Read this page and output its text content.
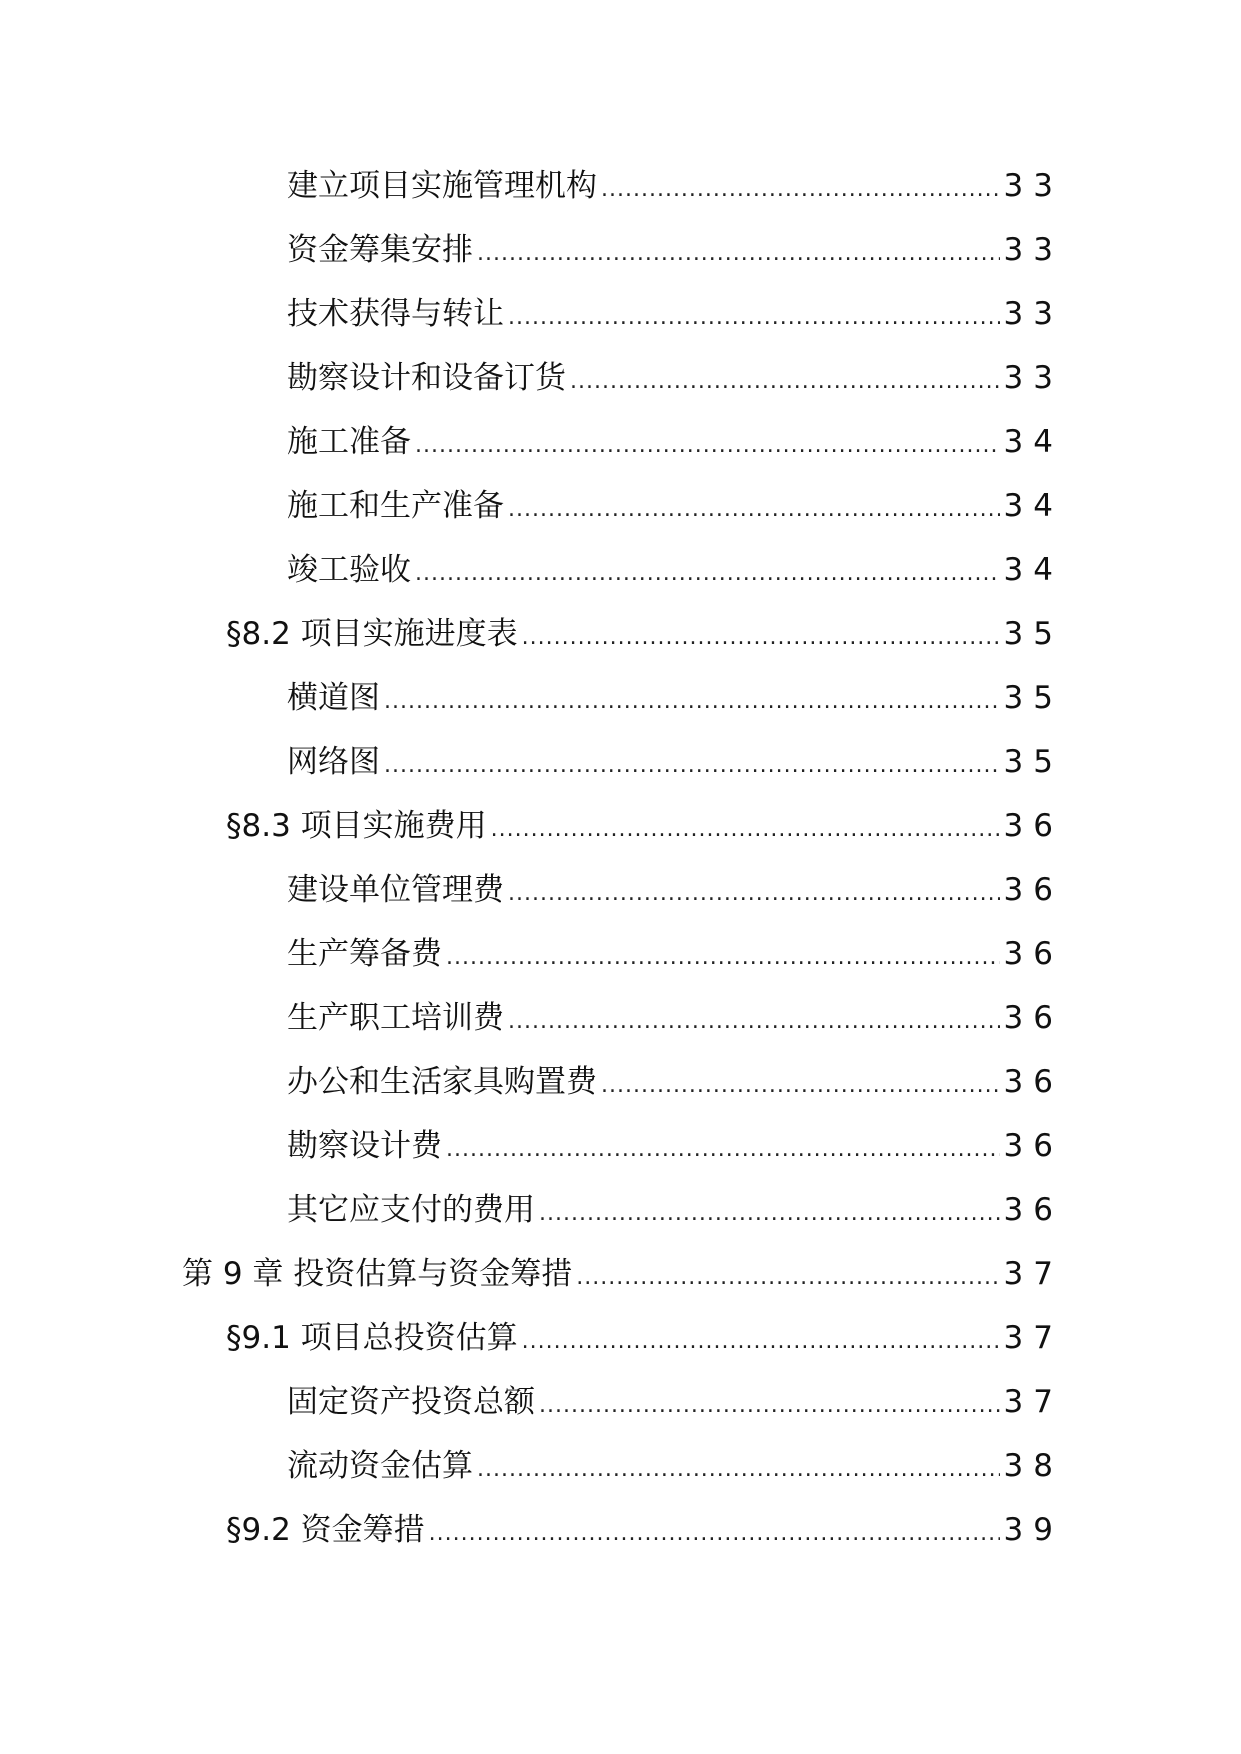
建立项目实施管理机构 .....	33
资金筹集安排 .....	33
技术获得与转让 .....	33
勘察设计和设备订货 .....	33
施工准备 .....	34
施工和生产准备 .....	34
竣工验收 .....	34
§8.2 项目实施进度表 .....	35
横道图 .....	35
网络图 .....	35
§8.3 项目实施费用 .....	36
建设单位管理费 .....	36
生产筹备费 .....	36
生产职工培训费 .....	36
办公和生活家具购置费 .....	36
勘察设计费 .....	36
其它应支付的费用 .....	36
第 9 章 投资估算与资金筹措 .....	37
§9.1 项目总投资估算 .....	37
固定资产投资总额 .....	37
流动资金估算 .....	38
§9.2 资金筹措 .....	39
